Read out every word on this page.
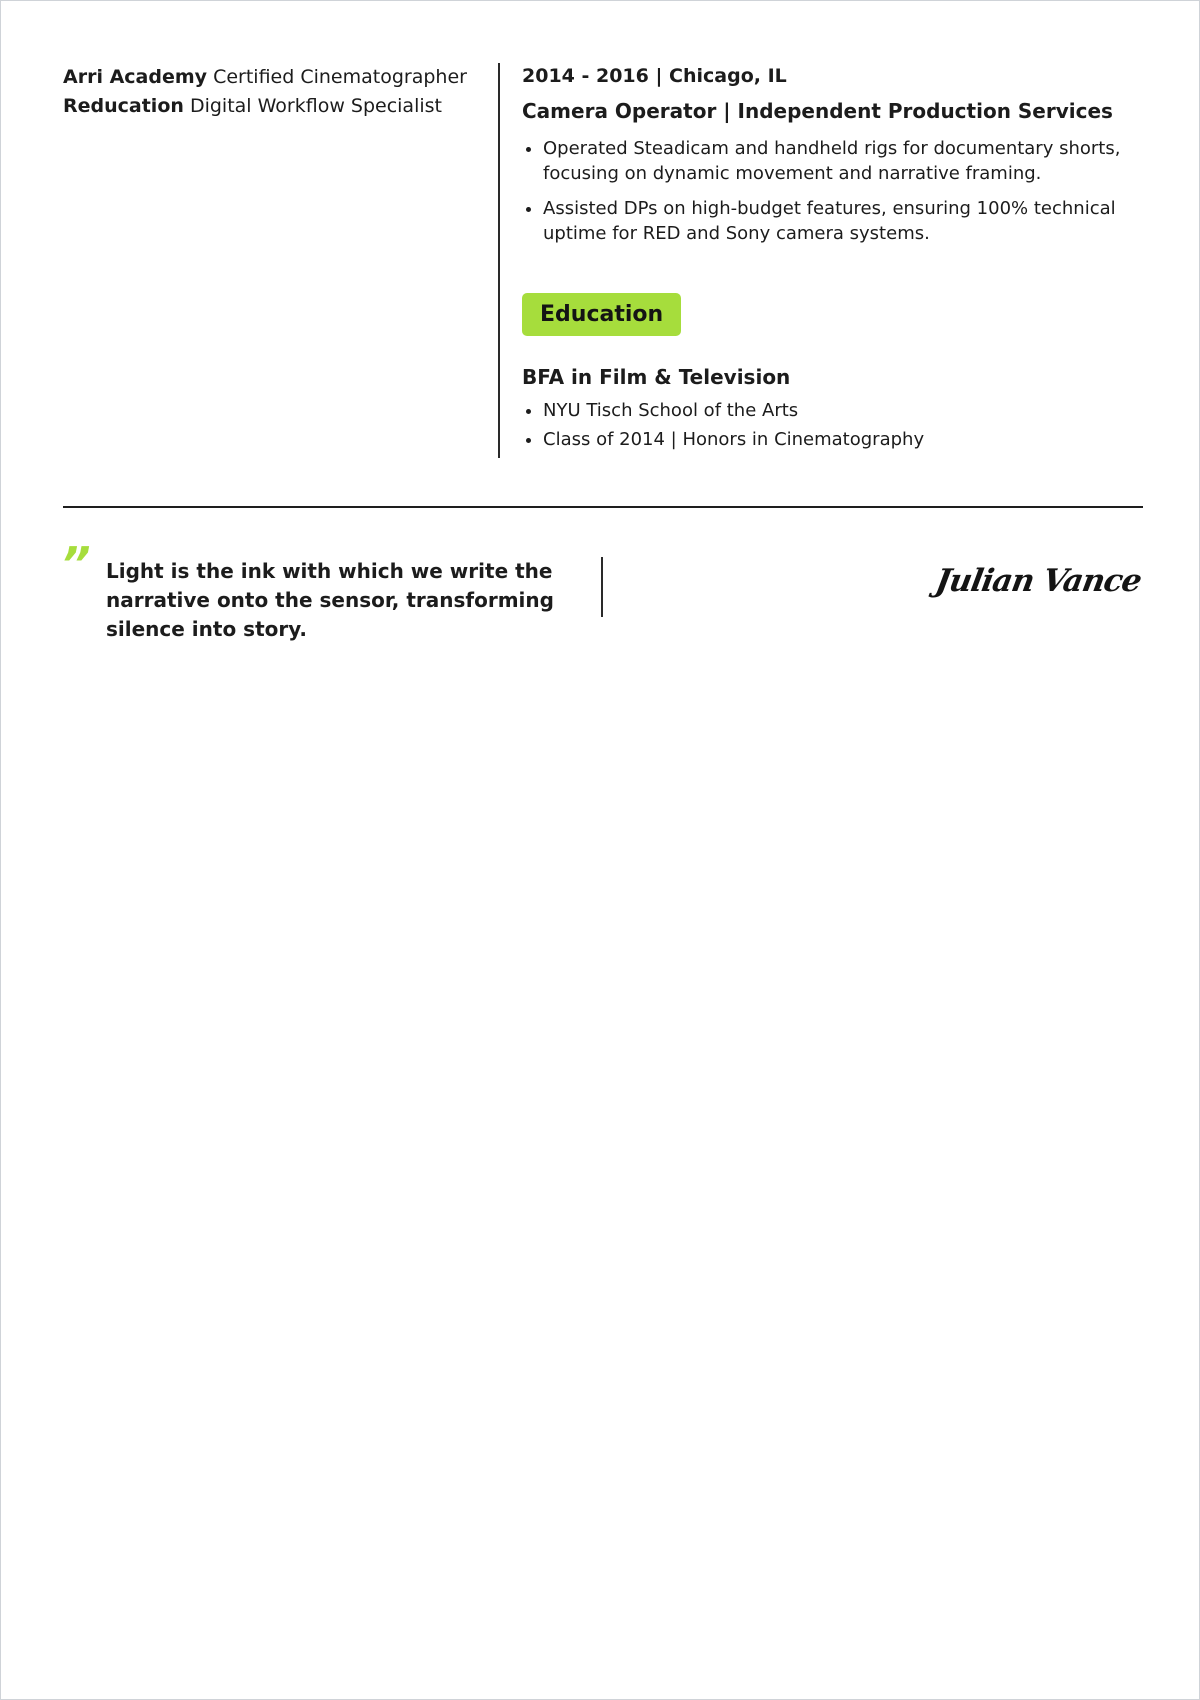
Arri Academy Certified Cinematographer
Reducation Digital Workflow Specialist

2014 - 2016 | Chicago, IL

Camera Operator | Independent Production Services

• Operated Steadicam and handheld rigs for documentary shorts, focusing on dynamic movement and narrative framing.
• Assisted DPs on high-budget features, ensuring 100% technical uptime for RED and Sony camera systems.
Education

BFA in Film & Television

• NYU Tisch School of the Arts
• Class of 2014 | Honors in Cinematography
” Light is the ink with which we write the narrative onto the sensor, transforming silence into story.
Julian Vance
